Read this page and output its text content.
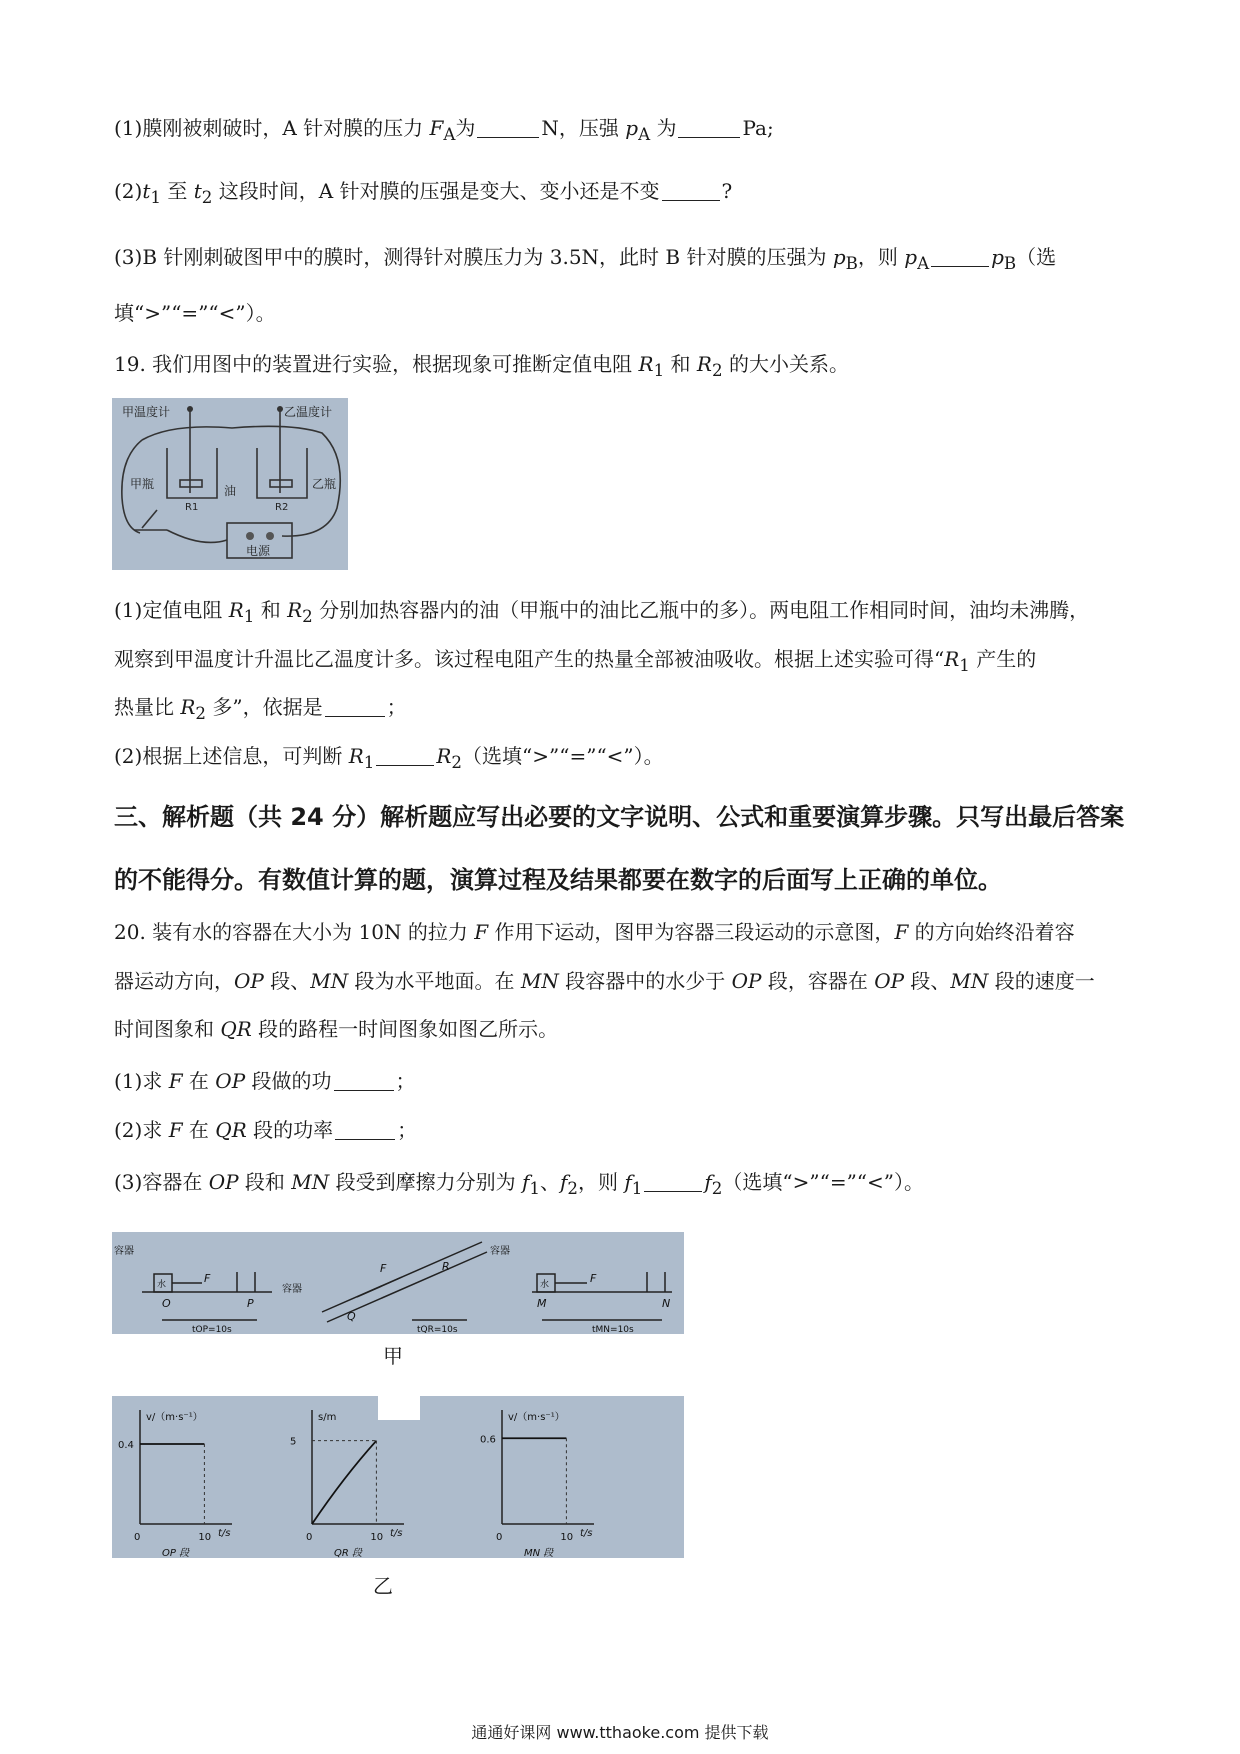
(1)膜刚被刺破时，A 针对膜的压力 $F_A$为	N，压强 $p_A$ 为	Pa;
$(2)t_1$ 至 $t_2$ 这段时间，A 针对膜的压强是变大、变小还是不变	?
(3)B 针刚刺破图甲中的膜时，测得针对膜压力为 3.5N，此时 B 针对膜的压强为 $p_B$，则 $p_A$	$p_B$（选
填“>”“=”“<”）。
19. 我们用图中的装置进行实验，根据现象可推断定值电阻 $R_1$ 和 $R_2$ 的大小关系。
甲温度计	乙温度计
甲瓶	乙瓶
油
R1	R2
电源
(1)定值电阻 $R_1$ 和 $R_2$ 分别加热容器内的油（甲瓶中的油比乙瓶中的多）。两电阻工作相同时间，油均未沸腾，
观察到甲温度计升温比乙温度计多。该过程电阻产生的热量全部被油吸收。根据上述实验可得“$R_1$ 产生的
热量比 $R_2$ 多”，依据是	；
(2)根据上述信息，可判断 $R_1$	$R_2$（选填“>”“=”“<”）。
三、解析题（共 24 分）解析题应写出必要的文字说明、公式和重要演算步骤。只写出最后答案
的不能得分。有数值计算的题，演算过程及结果都要在数字的后面写上正确的单位。
20. 装有水的容器在大小为 10N 的拉力 F 作用下运动，图甲为容器三段运动的示意图，F 的方向始终沿着容
器运动方向，OP 段、MN 段为水平地面。在 MN 段容器中的水少于 OP 段，容器在 OP 段、MN 段的速度一
时间图象和 QR 段的路程一时间图象如图乙所示。
(1)求 F 在 OP 段做的功	；
(2)求 F 在 QR 段的功率	；
(3)容器在 OP 段和 MN 段受到摩擦力分别为 $f_1$、$f_2$，则 $f_1$	$f_2$（选填“>”“=”“<”）。
容器
水	F
O	P
tOP=10s
容器
F
Q
R
tQR=10s
容器
水	F
M	N
tMN=10s
甲
v/（m·s⁻¹）
0.4
0	10 t/s
OP 段
s/m
5
0	10 t/s
QR 段
v/（m·s⁻¹）
0.6
0	10 t/s
MN 段
乙
通通好课网 www.tthaoke.com 提供下载
